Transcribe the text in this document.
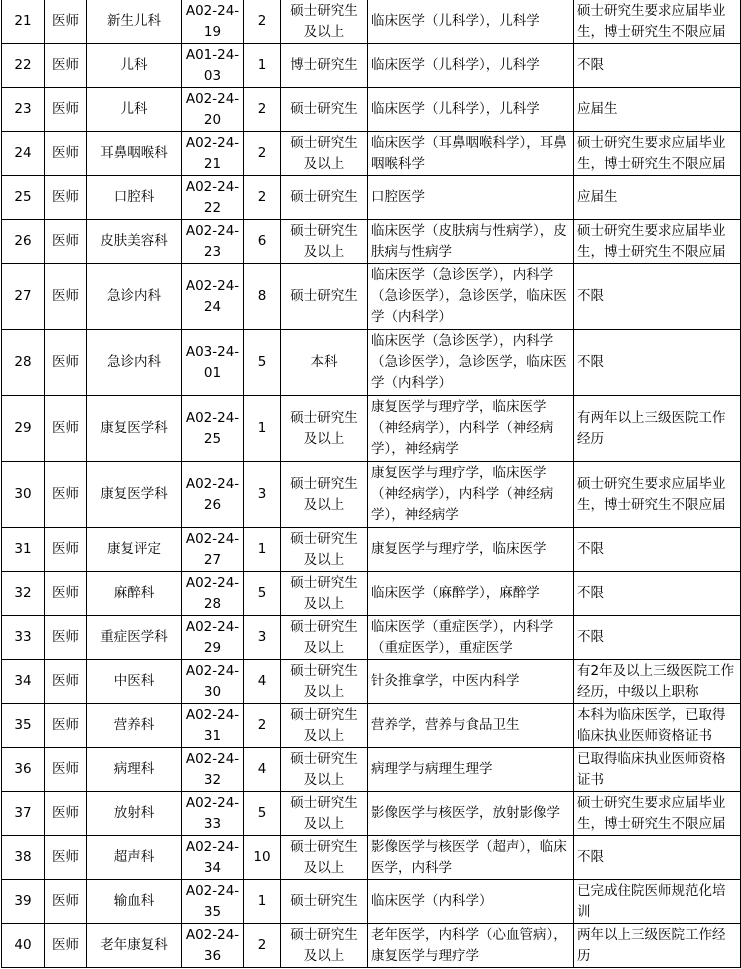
21	医师	新生儿科	A02-24-19	2	硕士研究生及以上	临床医学（儿科学），儿科学	硕士研究生要求应届毕业生，博士研究生不限应届
22	医师	儿科	A01-24-03	1	博士研究生	临床医学（儿科学），儿科学	不限
23	医师	儿科	A02-24-20	2	硕士研究生	临床医学（儿科学），儿科学	应届生
24	医师	耳鼻咽喉科	A02-24-21	2	硕士研究生及以上	临床医学（耳鼻咽喉科学），耳鼻咽喉科学	硕士研究生要求应届毕业生，博士研究生不限应届
25	医师	口腔科	A02-24-22	2	硕士研究生	口腔医学	应届生
26	医师	皮肤美容科	A02-24-23	6	硕士研究生及以上	临床医学（皮肤病与性病学），皮肤病与性病学	硕士研究生要求应届毕业生，博士研究生不限应届
27	医师	急诊内科	A02-24-24	8	硕士研究生	临床医学（急诊医学），内科学（急诊医学），急诊医学，临床医学（内科学）	不限
28	医师	急诊内科	A03-24-01	5	本科	临床医学（急诊医学），内科学（急诊医学），急诊医学，临床医学（内科学）	不限
29	医师	康复医学科	A02-24-25	1	硕士研究生及以上	康复医学与理疗学，临床医学（神经病学），内科学（神经病学），神经病学	有两年以上三级医院工作经历
30	医师	康复医学科	A02-24-26	3	硕士研究生及以上	康复医学与理疗学，临床医学（神经病学），内科学（神经病学），神经病学	硕士研究生要求应届毕业生，博士研究生不限应届
31	医师	康复评定	A02-24-27	1	硕士研究生及以上	康复医学与理疗学，临床医学	不限
32	医师	麻醉科	A02-24-28	5	硕士研究生及以上	临床医学（麻醉学），麻醉学	不限
33	医师	重症医学科	A02-24-29	3	硕士研究生及以上	临床医学（重症医学），内科学（重症医学），重症医学	不限
34	医师	中医科	A02-24-30	4	硕士研究生及以上	针灸推拿学，中医内科学	有2年及以上三级医院工作经历，中级以上职称
35	医师	营养科	A02-24-31	2	硕士研究生及以上	营养学，营养与食品卫生	本科为临床医学，已取得临床执业医师资格证书
36	医师	病理科	A02-24-32	4	硕士研究生及以上	病理学与病理生理学	已取得临床执业医师资格证书
37	医师	放射科	A02-24-33	5	硕士研究生及以上	影像医学与核医学，放射影像学	硕士研究生要求应届毕业生，博士研究生不限应届
38	医师	超声科	A02-24-34	10	硕士研究生及以上	影像医学与核医学（超声），临床医学，内科学	不限
39	医师	输血科	A02-24-35	1	硕士研究生	临床医学（内科学）	已完成住院医师规范化培训
40	医师	老年康复科	A02-24-36	2	硕士研究生及以上	老年医学，内科学（心血管病），康复医学与理疗学	两年以上三级医院工作经历
